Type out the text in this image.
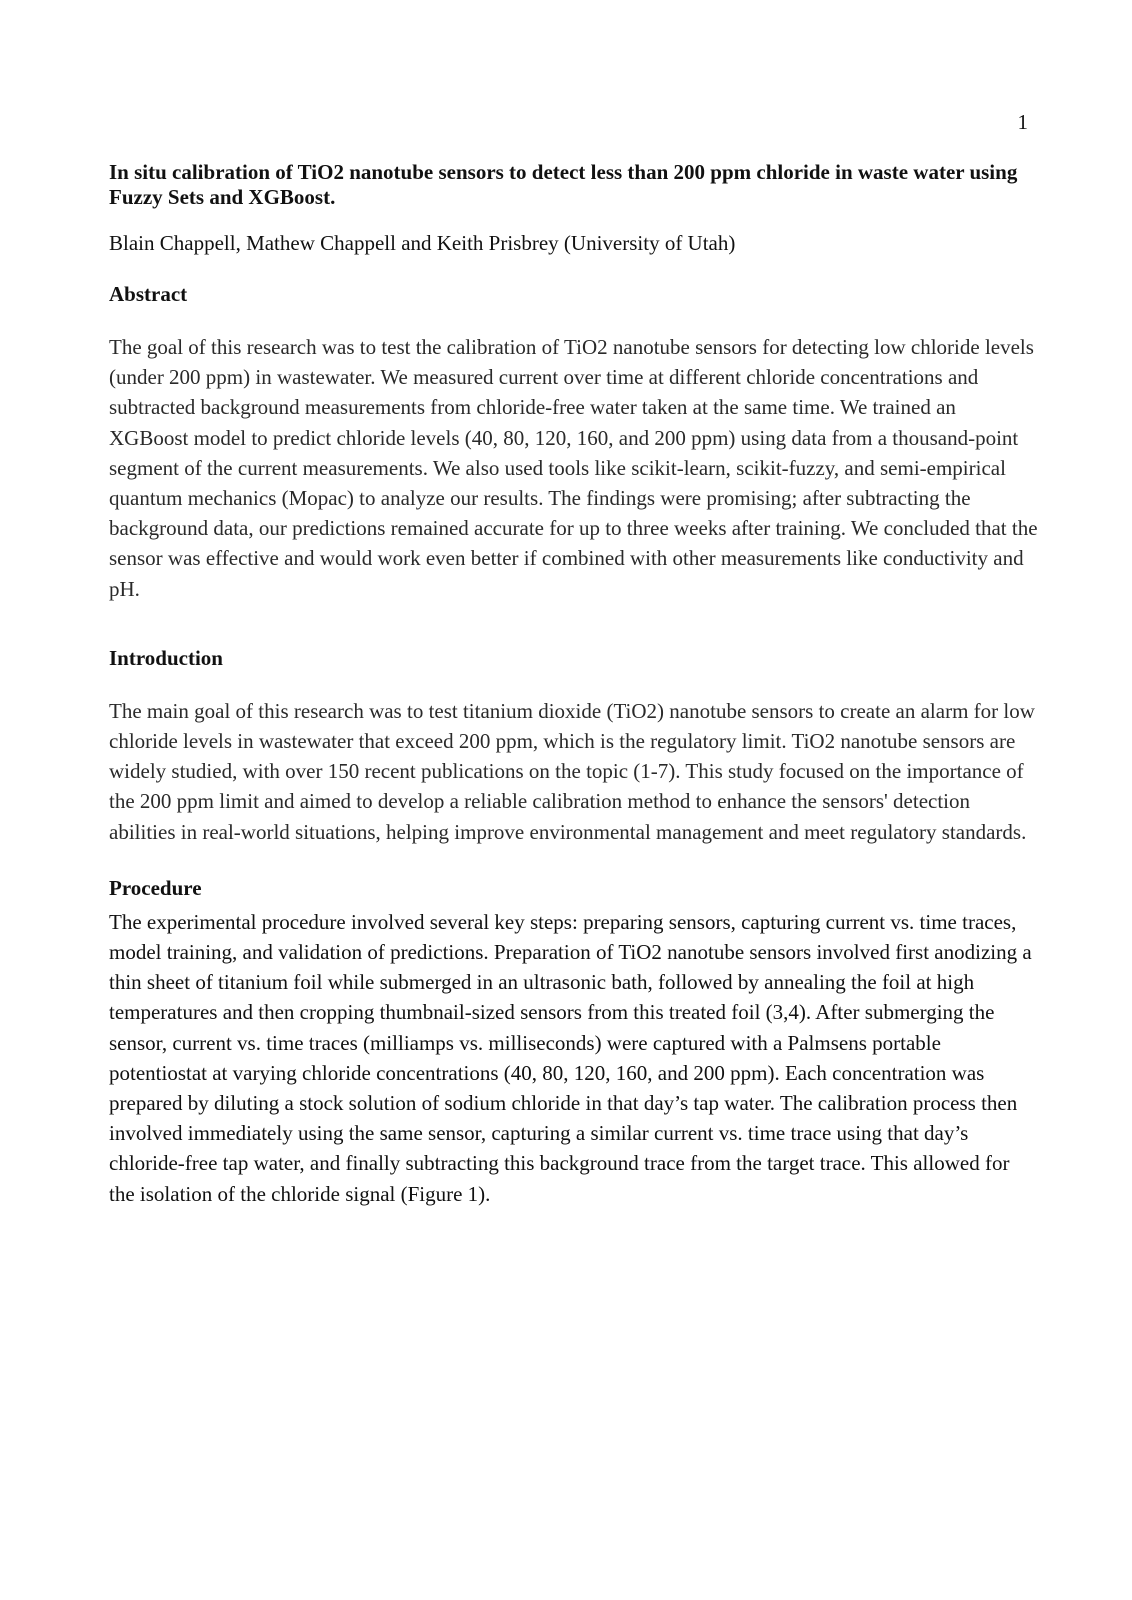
1

In situ calibration of TiO2 nanotube sensors to detect less than 200 ppm chloride in waste water using Fuzzy Sets and XGBoost.

Blain Chappell, Mathew Chappell and Keith Prisbrey (University of Utah)

Abstract

The goal of this research was to test the calibration of TiO2 nanotube sensors for detecting low chloride levels (under 200 ppm) in wastewater. We measured current over time at different chloride concentrations and subtracted background measurements from chloride-free water taken at the same time. We trained an XGBoost model to predict chloride levels (40, 80, 120, 160, and 200 ppm) using data from a thousand-point segment of the current measurements. We also used tools like scikit-learn, scikit-fuzzy, and semi-empirical quantum mechanics (Mopac) to analyze our results. The findings were promising; after subtracting the background data, our predictions remained accurate for up to three weeks after training. We concluded that the sensor was effective and would work even better if combined with other measurements like conductivity and pH.

Introduction

The main goal of this research was to test titanium dioxide (TiO2) nanotube sensors to create an alarm for low chloride levels in wastewater that exceed 200 ppm, which is the regulatory limit. TiO2 nanotube sensors are widely studied, with over 150 recent publications on the topic (1-7). This study focused on the importance of the 200 ppm limit and aimed to develop a reliable calibration method to enhance the sensors' detection abilities in real-world situations, helping improve environmental management and meet regulatory standards.

Procedure

The experimental procedure involved several key steps: preparing sensors, capturing current vs. time traces, model training, and validation of predictions. Preparation of TiO2 nanotube sensors involved first anodizing a thin sheet of titanium foil while submerged in an ultrasonic bath, followed by annealing the foil at high temperatures and then cropping thumbnail-sized sensors from this treated foil (3,4). After submerging the sensor, current vs. time traces (milliamps vs. milliseconds) were captured with a Palmsens portable potentiostat at varying chloride concentrations (40, 80, 120, 160, and 200 ppm). Each concentration was prepared by diluting a stock solution of sodium chloride in that day’s tap water. The calibration process then involved immediately using the same sensor, capturing a similar current vs. time trace using that day’s chloride-free tap water, and finally subtracting this background trace from the target trace. This allowed for the isolation of the chloride signal (Figure 1).
